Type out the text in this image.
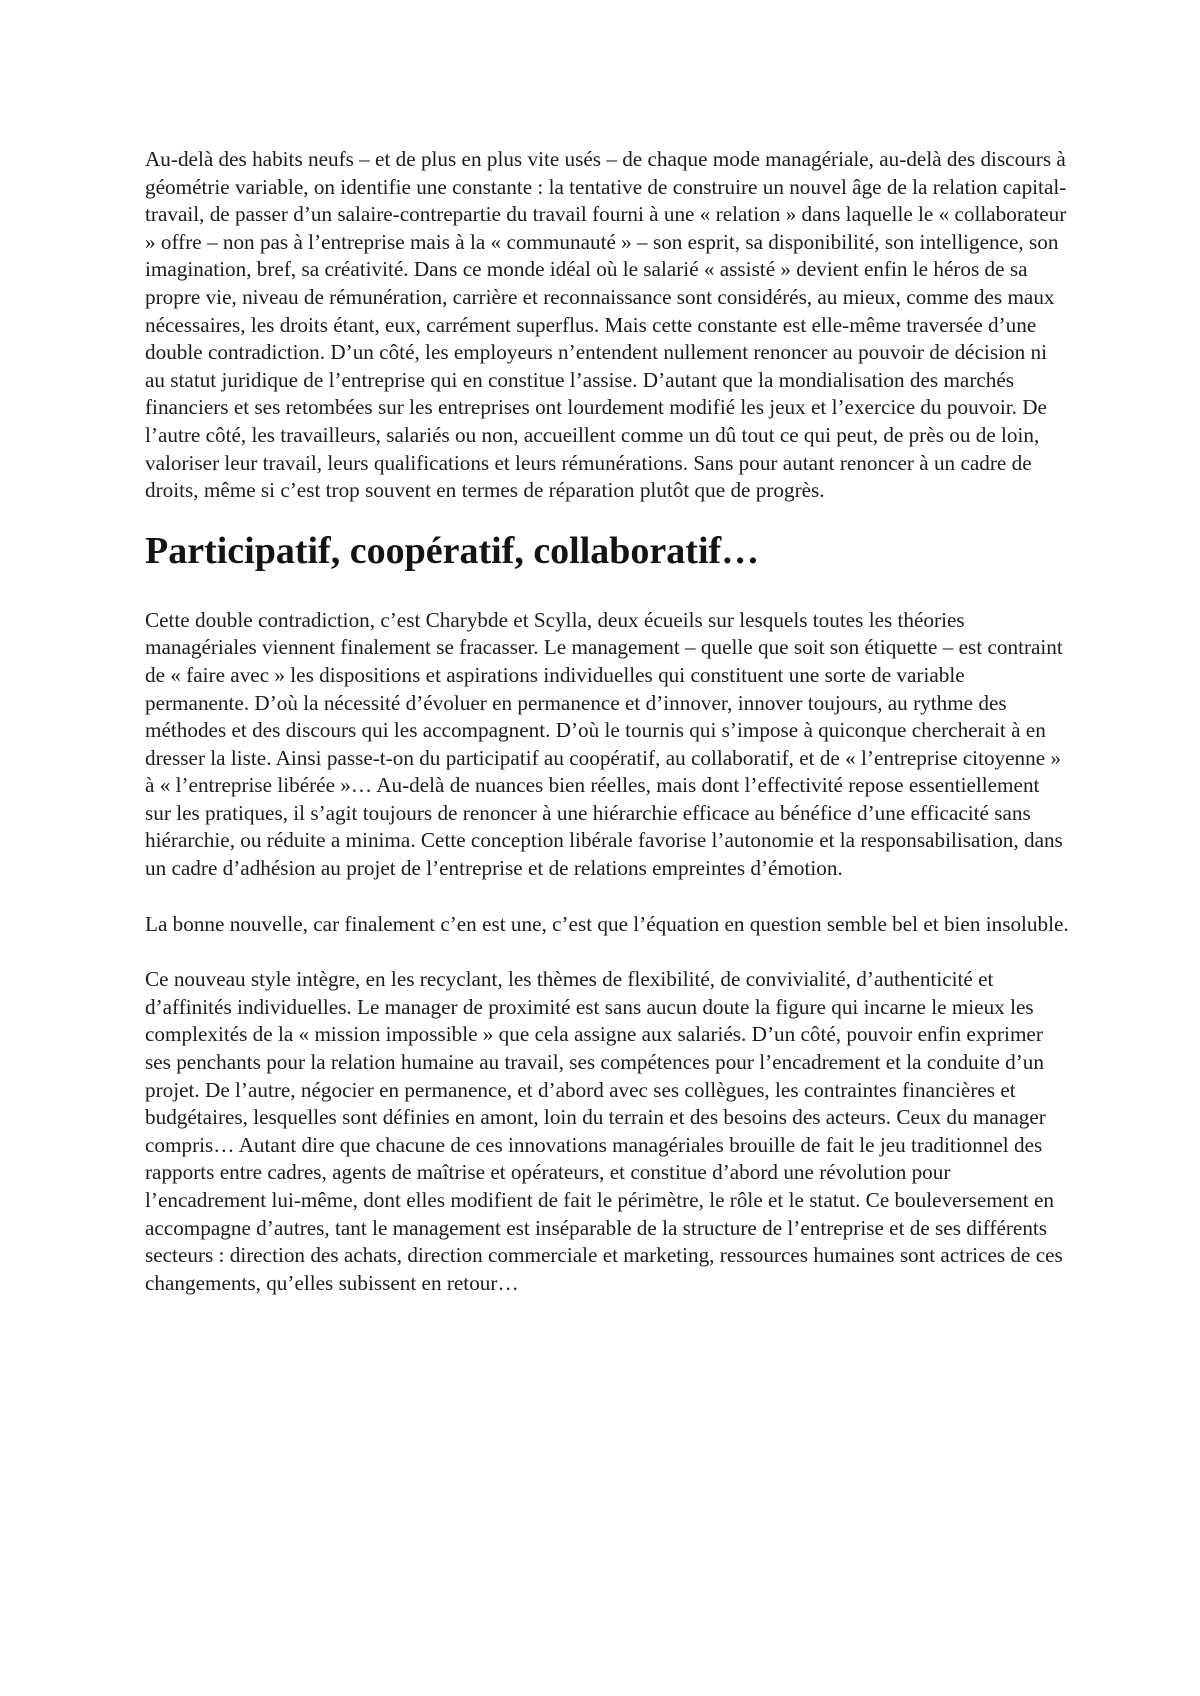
Au-delà des habits neufs – et de plus en plus vite usés – de chaque mode managériale, au-delà des discours à géométrie variable, on identifie une constante : la tentative de construire un nouvel âge de la relation capital-travail, de passer d’un salaire-contrepartie du travail fourni à une « relation » dans laquelle le « collaborateur » offre – non pas à l’entreprise mais à la « communauté » – son esprit, sa disponibilité, son intelligence, son imagination, bref, sa créativité. Dans ce monde idéal où le salarié « assisté » devient enfin le héros de sa propre vie, niveau de rémunération, carrière et reconnaissance sont considérés, au mieux, comme des maux nécessaires, les droits étant, eux, carrément superflus. Mais cette constante est elle-même traversée d’une double contradiction. D’un côté, les employeurs n’entendent nullement renoncer au pouvoir de décision ni au statut juridique de l’entreprise qui en constitue l’assise. D’autant que la mondialisation des marchés financiers et ses retombées sur les entreprises ont lourdement modifié les jeux et l’exercice du pouvoir. De l’autre côté, les travailleurs, salariés ou non, accueillent comme un dû tout ce qui peut, de près ou de loin, valoriser leur travail, leurs qualifications et leurs rémunérations. Sans pour autant renoncer à un cadre de droits, même si c’est trop souvent en termes de réparation plutôt que de progrès.

Participatif, coopératif, collaboratif…

Cette double contradiction, c’est Charybde et Scylla, deux écueils sur lesquels toutes les théories managériales viennent finalement se fracasser. Le management – quelle que soit son étiquette – est contraint de « faire avec » les dispositions et aspirations individuelles qui constituent une sorte de variable permanente. D’où la nécessité d’évoluer en permanence et d’innover, innover toujours, au rythme des méthodes et des discours qui les accompagnent. D’où le tournis qui s’impose à quiconque chercherait à en dresser la liste. Ainsi passe-t-on du participatif au coopératif, au collaboratif, et de « l’entreprise citoyenne » à « l’entreprise libérée »… Au-delà de nuances bien réelles, mais dont l’effectivité repose essentiellement sur les pratiques, il s’agit toujours de renoncer à une hiérarchie efficace au bénéfice d’une efficacité sans hiérarchie, ou réduite a minima. Cette conception libérale favorise l’autonomie et la responsabilisation, dans un cadre d’adhésion au projet de l’entreprise et de relations empreintes d’émotion.

La bonne nouvelle, car finalement c’en est une, c’est que l’équation en question semble bel et bien insoluble.

Ce nouveau style intègre, en les recyclant, les thèmes de flexibilité, de convivialité, d’authenticité et d’affinités individuelles. Le manager de proximité est sans aucun doute la figure qui incarne le mieux les complexités de la « mission impossible » que cela assigne aux salariés. D’un côté, pouvoir enfin exprimer ses penchants pour la relation humaine au travail, ses compétences pour l’encadrement et la conduite d’un projet. De l’autre, négocier en permanence, et d’abord avec ses collègues, les contraintes financières et budgétaires, lesquelles sont définies en amont, loin du terrain et des besoins des acteurs. Ceux du manager compris… Autant dire que chacune de ces innovations managériales brouille de fait le jeu traditionnel des rapports entre cadres, agents de maîtrise et opérateurs, et constitue d’abord une révolution pour l’encadrement lui-même, dont elles modifient de fait le périmètre, le rôle et le statut. Ce bouleversement en accompagne d’autres, tant le management est inséparable de la structure de l’entreprise et de ses différents secteurs : direction des achats, direction commerciale et marketing, ressources humaines sont actrices de ces changements, qu’elles subissent en retour…
